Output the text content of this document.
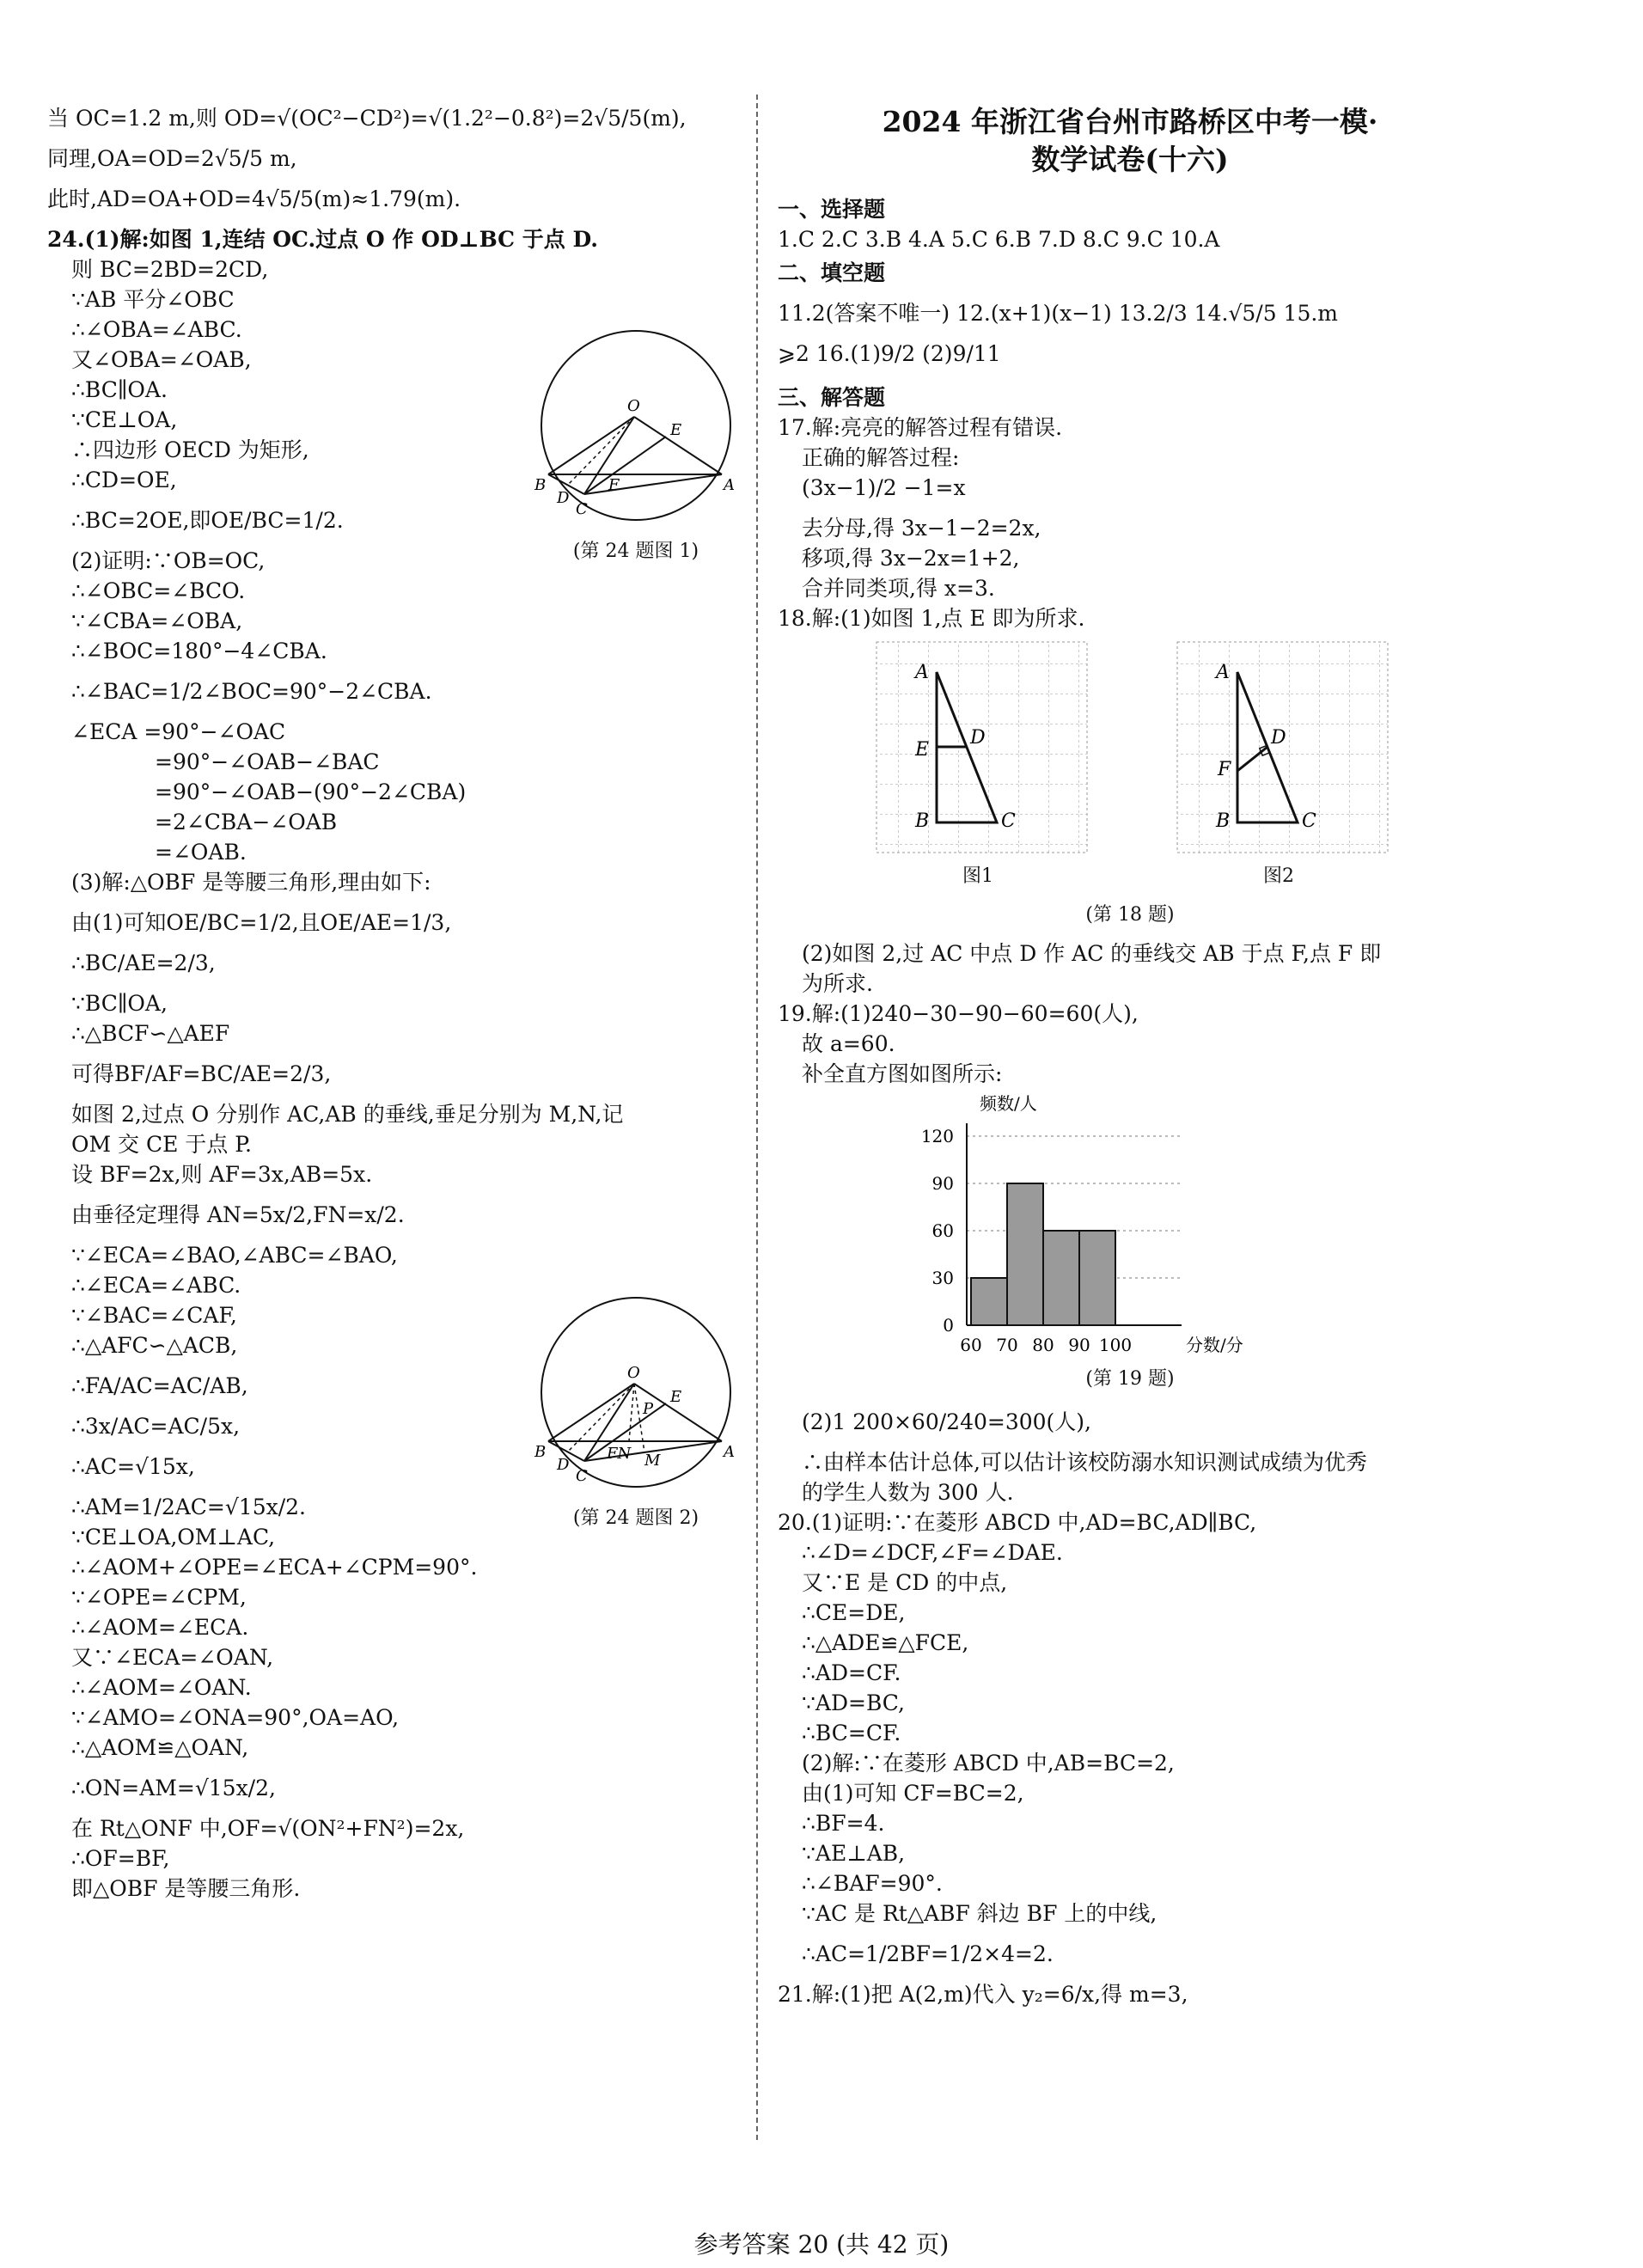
当 OC=1.2 m,则 OD=√(OC²−CD²)=√(1.2²−0.8²)=2√5/5(m),
同理,OA=OD=2√5/5 m,
此时,AD=OA+OD=4√5/5(m)≈1.79(m).
24.(1)解:如图 1,连结 OC.过点 O 作 OD⊥BC 于点 D.
则 BC=2BD=2CD,
∵AB 平分∠OBC
∴∠OBA=∠ABC.
又∠OBA=∠OAB,
∴BC∥OA.
∵CE⊥OA,
∴四边形 OECD 为矩形,
∴CD=OE,
∴BC=2OE,即OE/BC=1/2.
(2)证明:∵OB=OC,
∴∠OBC=∠BCO.
∵∠CBA=∠OBA,
∴∠BOC=180°−4∠CBA.
∴∠BAC=1/2∠BOC=90°−2∠CBA.
∠ECA =90°−∠OAC
=90°−∠OAB−∠BAC
=90°−∠OAB−(90°−2∠CBA)
=2∠CBA−∠OAB
=∠OAB.
(3)解:△OBF 是等腰三角形,理由如下:
由(1)可知OE/BC=1/2,且OE/AE=1/3,
∴BC/AE=2/3,
∵BC∥OA,
∴△BCF∽△AEF
可得BF/AF=BC/AE=2/3,
如图 2,过点 O 分别作 AC,AB 的垂线,垂足分别为 M,N,记
OM 交 CE 于点 P.
设 BF=2x,则 AF=3x,AB=5x.
由垂径定理得 AN=5x/2,FN=x/2.
∵∠ECA=∠BAO,∠ABC=∠BAO,
∴∠ECA=∠ABC.
∵∠BAC=∠CAF,
∴△AFC∽△ACB,
∴FA/AC=AC/AB,
∴3x/AC=AC/5x,
∴AC=√15x,
∴AM=1/2AC=√15x/2.
∵CE⊥OA,OM⊥AC,
∴∠AOM+∠OPE=∠ECA+∠CPM=90°.
∵∠OPE=∠CPM,
∴∠AOM=∠ECA.
又∵∠ECA=∠OAN,
∴∠AOM=∠OAN.
∵∠AMO=∠ONA=90°,OA=AO,
∴△AOM≌△OAN,
∴ON=AM=√15x/2,
在 Rt△ONF 中,OF=√(ON²+FN²)=2x,
∴OF=BF,
即△OBF 是等腰三角形.
O
E
B	A
D
C
F
(第 24 题图 1)
O
E
P
B	A
D
C
FN M
(第 24 题图 2)
2024 年浙江省台州市路桥区中考一模·
数学试卷(十六)
一、选择题
1.C 2.C 3.B 4.A 5.C 6.B 7.D 8.C 9.C 10.A
二、填空题
11.2(答案不唯一) 12.(x+1)(x−1) 13.2/3 14.√5/5 15.m
⩾2 16.(1)9/2 (2)9/11
三、解答题
17.解:亮亮的解答过程有错误.
正确的解答过程:
(3x−1)/2 −1=x
去分母,得 3x−1−2=2x,
移项,得 3x−2x=1+2,
合并同类项,得 x=3.
18.解:(1)如图 1,点 E 即为所求.
A
E
D
B	C
A
F
D
B	C
图1	图2
(第 18 题)
(2)如图 2,过 AC 中点 D 作 AC 的垂线交 AB 于点 F,点 F 即
为所求.
19.解:(1)240−30−90−60=60(人),
故 a=60.
补全直方图如图所示:
频数/人
分数/分
0
30
60
90
120
60 70 80 90 100
(第 19 题)
(2)1 200×60/240=300(人),
∴由样本估计总体,可以估计该校防溺水知识测试成绩为优秀
的学生人数为 300 人.
20.(1)证明:∵在菱形 ABCD 中,AD=BC,AD∥BC,
∴∠D=∠DCF,∠F=∠DAE.
又∵E 是 CD 的中点,
∴CE=DE,
∴△ADE≌△FCE,
∴AD=CF.
∵AD=BC,
∴BC=CF.
(2)解:∵在菱形 ABCD 中,AB=BC=2,
由(1)可知 CF=BC=2,
∴BF=4.
∵AE⊥AB,
∴∠BAF=90°.
∵AC 是 Rt△ABF 斜边 BF 上的中线,
∴AC=1/2BF=1/2×4=2.
21.解:(1)把 A(2,m)代入 y₂=6/x,得 m=3,
参考答案 20 (共 42 页)
